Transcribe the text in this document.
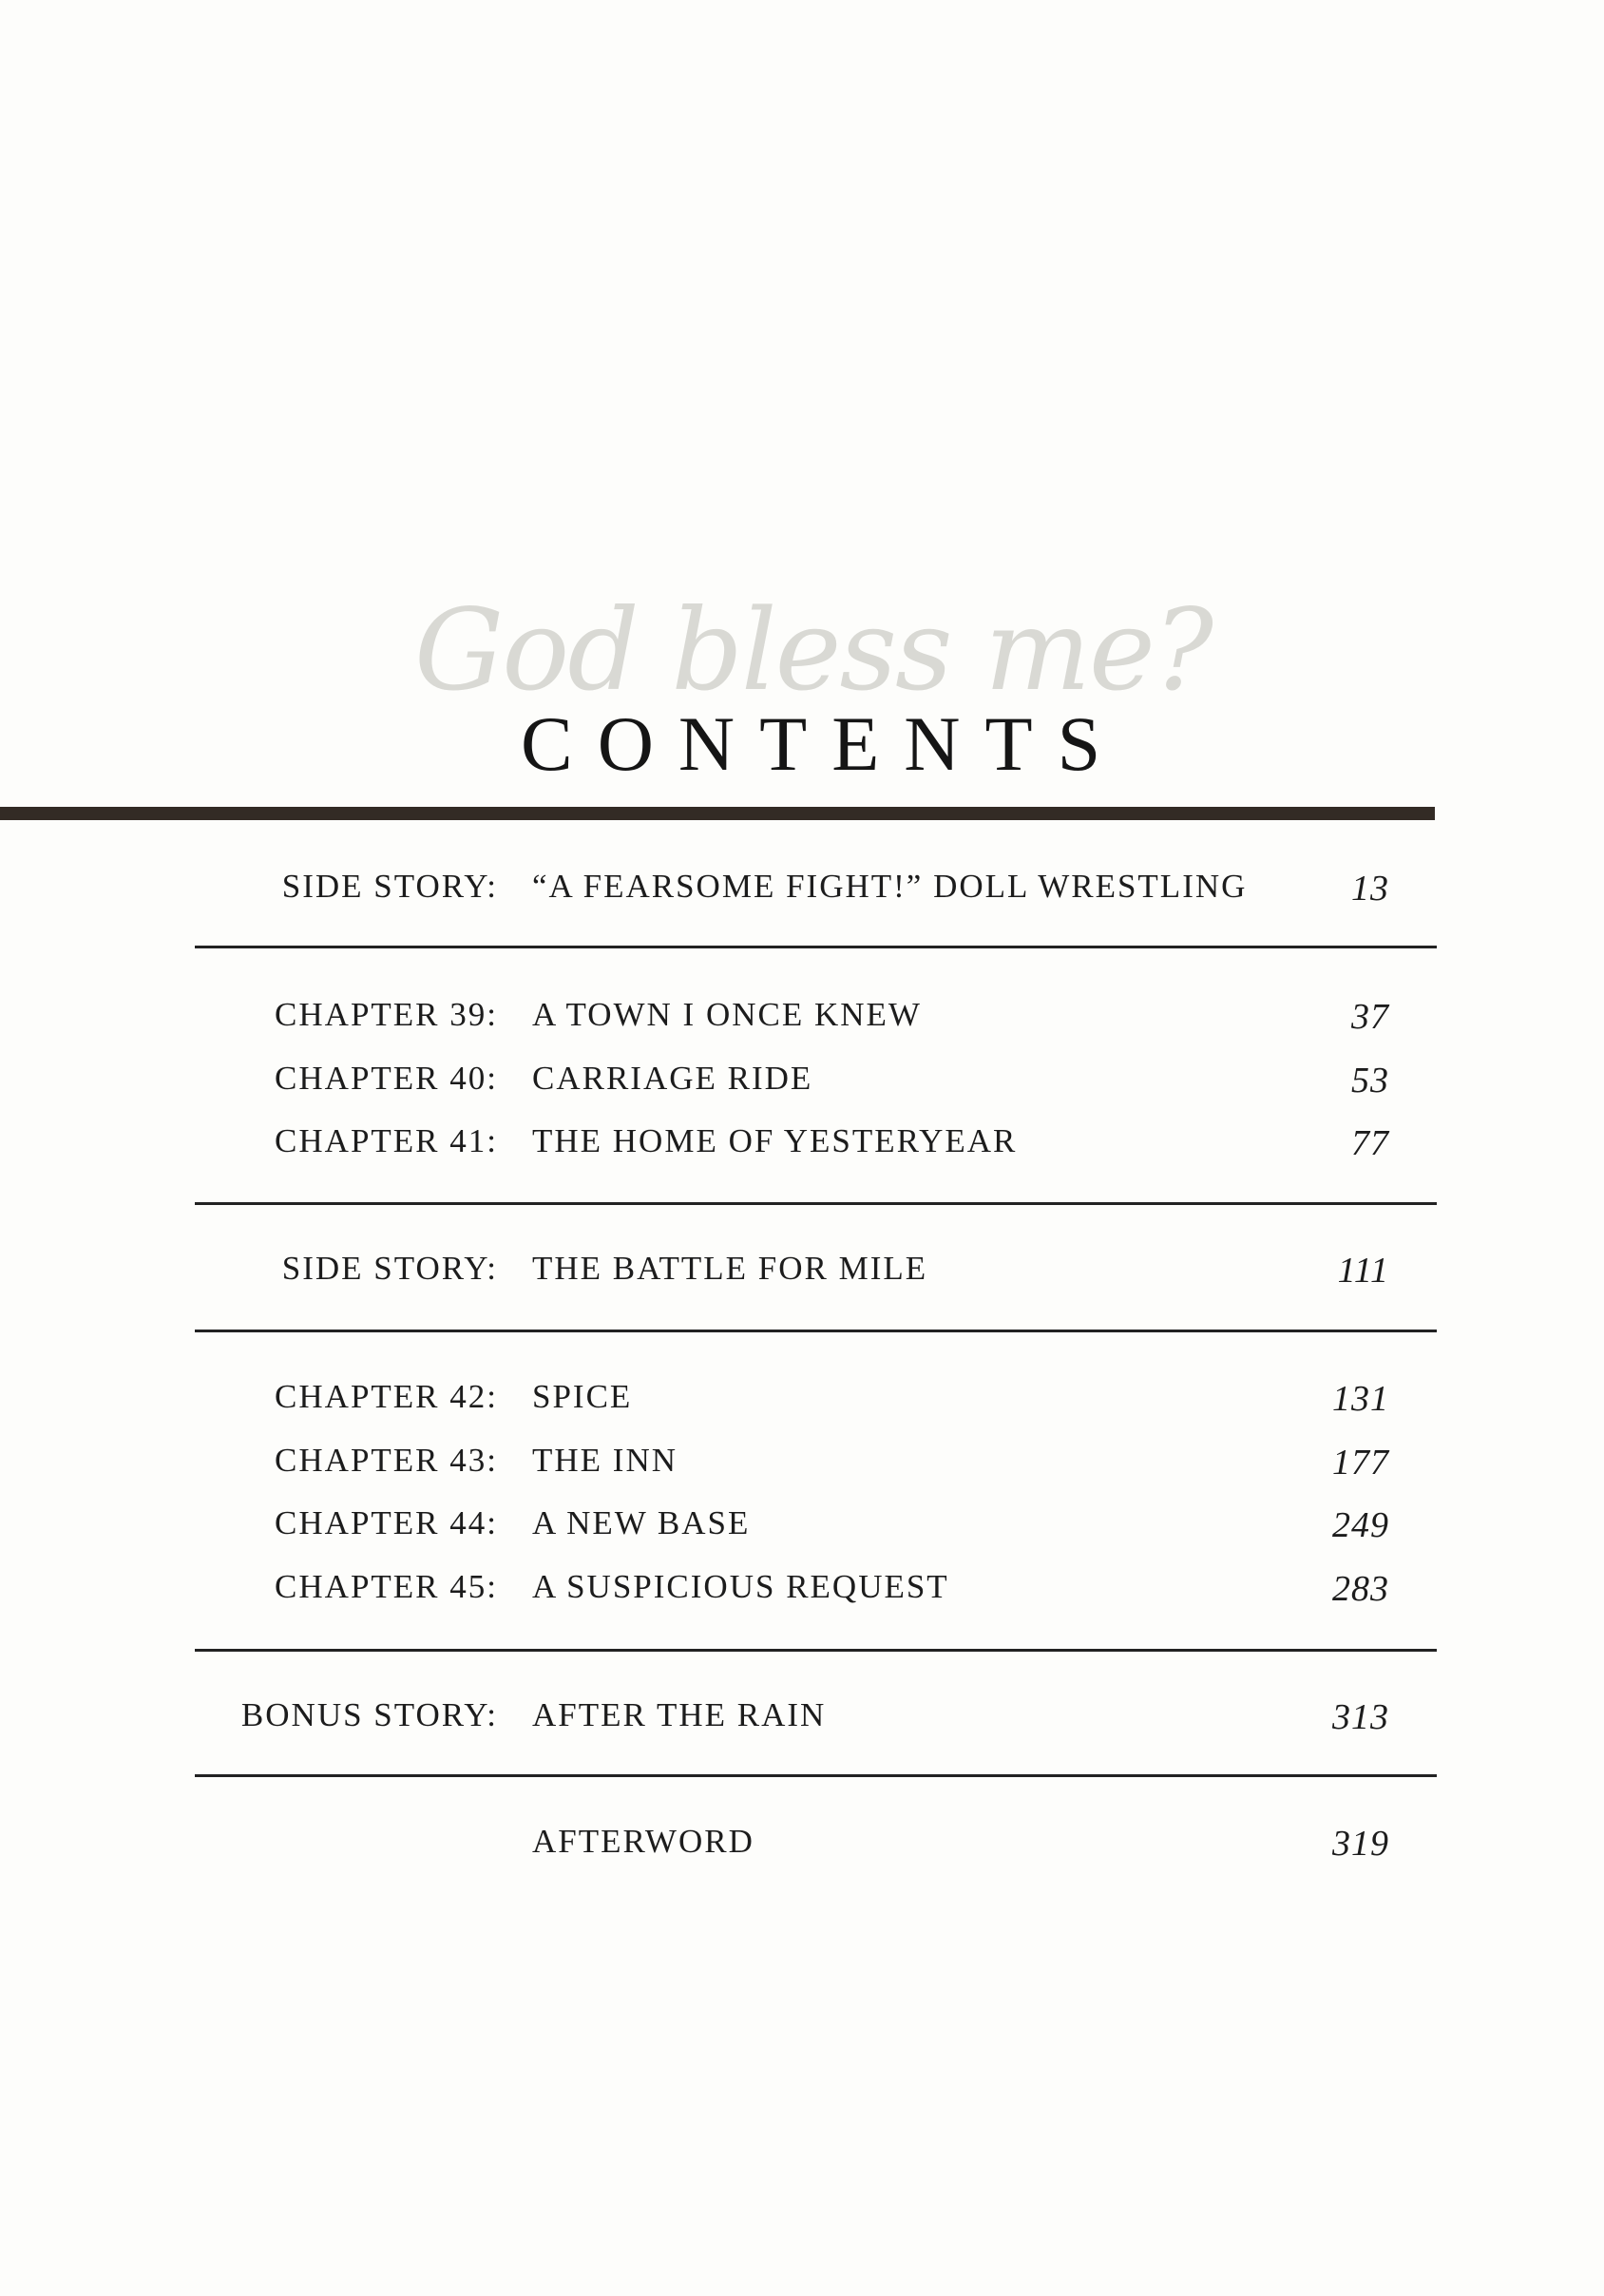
God bless me?
CONTENTS
SIDE STORY: “A FEARSOME FIGHT!” DOLL WRESTLING	13
CHAPTER 39: A TOWN I ONCE KNEW	37
CHAPTER 40: CARRIAGE RIDE	53
CHAPTER 41: THE HOME OF YESTERYEAR	77
SIDE STORY: THE BATTLE FOR MILE	111
CHAPTER 42: SPICE	131
CHAPTER 43: THE INN	177
CHAPTER 44: A NEW BASE	249
CHAPTER 45: A SUSPICIOUS REQUEST	283
BONUS STORY: AFTER THE RAIN	313
AFTERWORD	319
